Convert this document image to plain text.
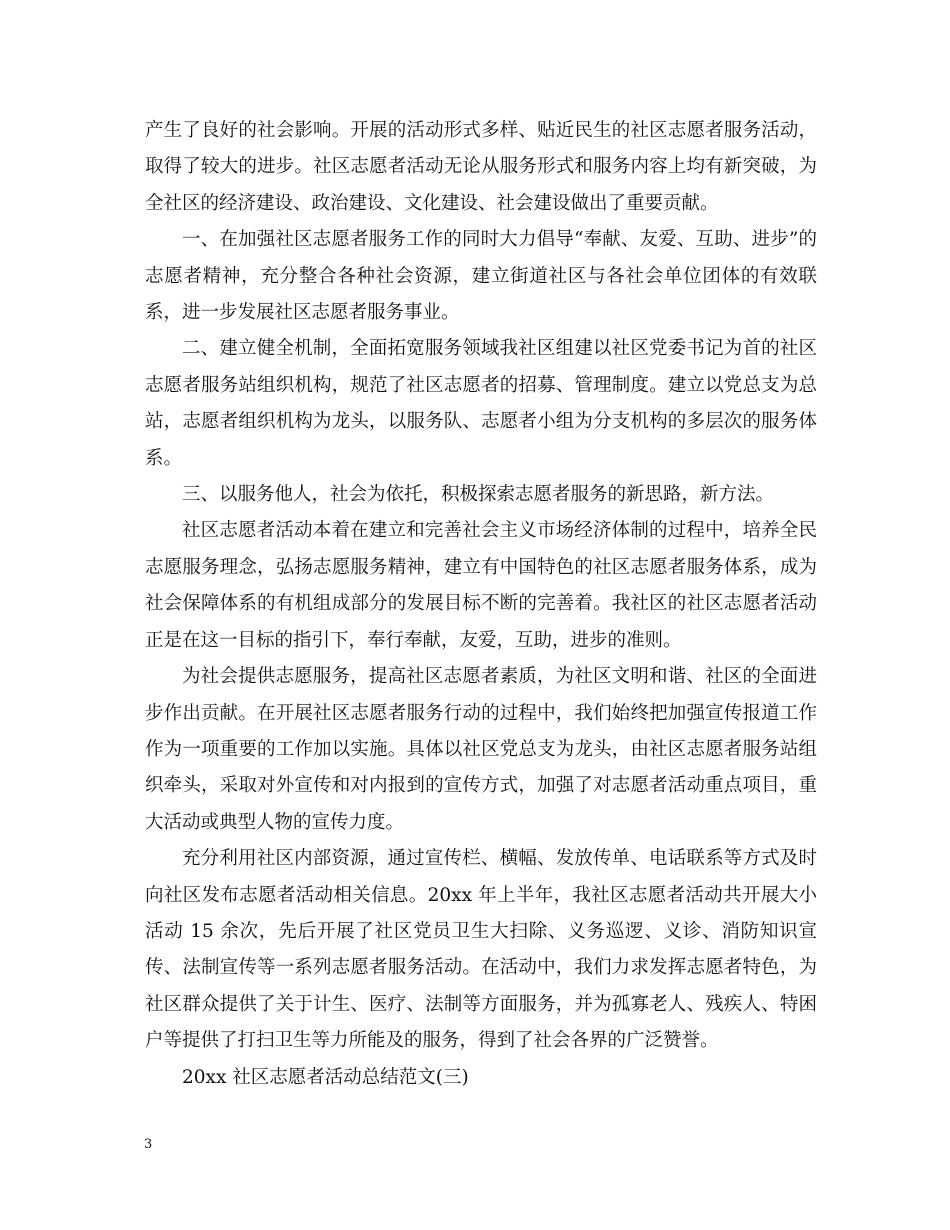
产生了良好的社会影响。开展的活动形式多样、贴近民生的社区志愿者服务活动，取得了较大的进步。社区志愿者活动无论从服务形式和服务内容上均有新突破，为全社区的经济建设、政治建设、文化建设、社会建设做出了重要贡献。

一、在加强社区志愿者服务工作的同时大力倡导“奉献、友爱、互助、进步”的志愿者精神，充分整合各种社会资源，建立街道社区与各社会单位团体的有效联系，进一步发展社区志愿者服务事业。

二、建立健全机制，全面拓宽服务领域我社区组建以社区党委书记为首的社区志愿者服务站组织机构，规范了社区志愿者的招募、管理制度。建立以党总支为总站，志愿者组织机构为龙头，以服务队、志愿者小组为分支机构的多层次的服务体系。

三、以服务他人，社会为依托，积极探索志愿者服务的新思路，新方法。

社区志愿者活动本着在建立和完善社会主义市场经济体制的过程中，培养全民志愿服务理念，弘扬志愿服务精神，建立有中国特色的社区志愿者服务体系，成为社会保障体系的有机组成部分的发展目标不断的完善着。我社区的社区志愿者活动正是在这一目标的指引下，奉行奉献，友爱，互助，进步的准则。

为社会提供志愿服务，提高社区志愿者素质，为社区文明和谐、社区的全面进步作出贡献。在开展社区志愿者服务行动的过程中，我们始终把加强宣传报道工作作为一项重要的工作加以实施。具体以社区党总支为龙头，由社区志愿者服务站组织牵头，采取对外宣传和对内报到的宣传方式，加强了对志愿者活动重点项目，重大活动或典型人物的宣传力度。

充分利用社区内部资源，通过宣传栏、横幅、发放传单、电话联系等方式及时向社区发布志愿者活动相关信息。20xx 年上半年，我社区志愿者活动共开展大小活动 15 余次，先后开展了社区党员卫生大扫除、义务巡逻、义诊、消防知识宣传、法制宣传等一系列志愿者服务活动。在活动中，我们力求发挥志愿者特色，为社区群众提供了关于计生、医疗、法制等方面服务，并为孤寡老人、残疾人、特困户等提供了打扫卫生等力所能及的服务，得到了社会各界的广泛赞誉。

20xx 社区志愿者活动总结范文(三)

3
